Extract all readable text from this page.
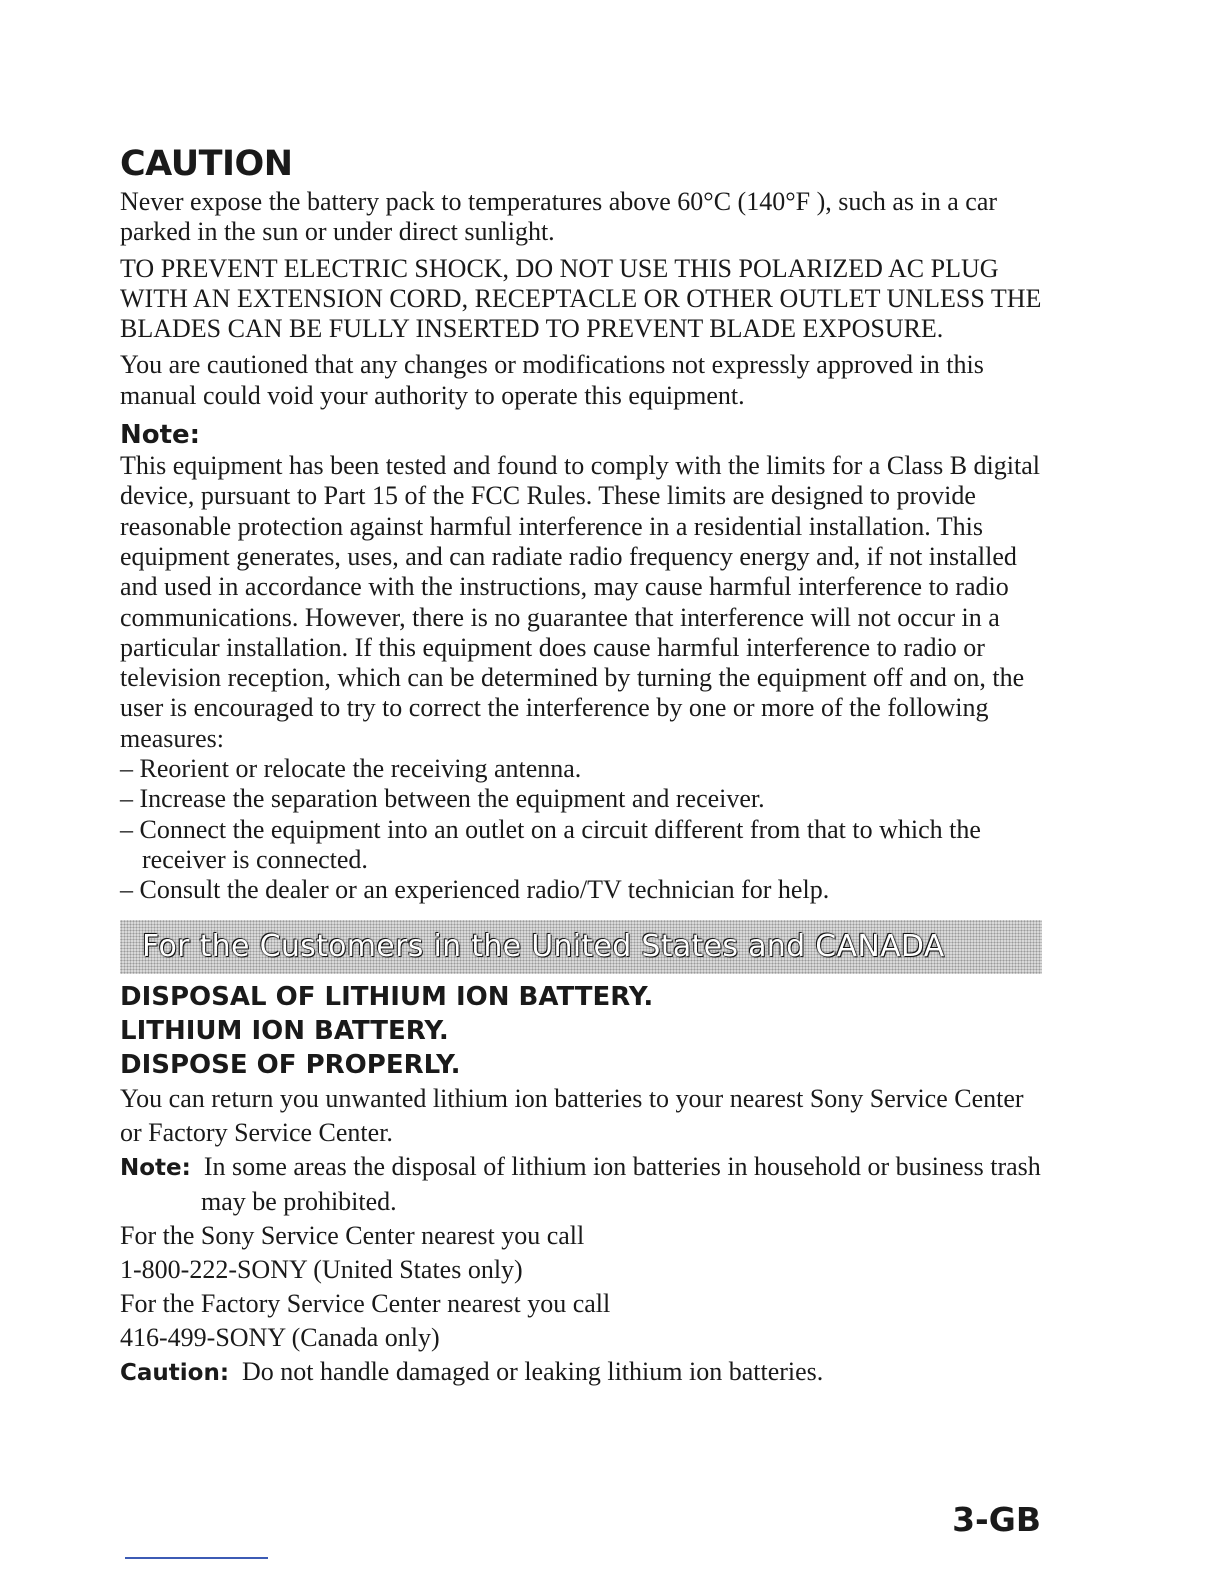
CAUTION

Never expose the battery pack to temperatures above 60°C (140°F ), such as in a car parked in the sun or under direct sunlight.

TO PREVENT ELECTRIC SHOCK, DO NOT USE THIS POLARIZED AC PLUG WITH AN EXTENSION CORD, RECEPTACLE OR OTHER OUTLET UNLESS THE BLADES CAN BE FULLY INSERTED TO PREVENT BLADE EXPOSURE.

You are cautioned that any changes or modifications not expressly approved in this manual could void your authority to operate this equipment.

Note:

This equipment has been tested and found to comply with the limits for a Class B digital device, pursuant to Part 15 of the FCC Rules. These limits are designed to provide reasonable protection against harmful interference in a residential installation. This equipment generates, uses, and can radiate radio frequency energy and, if not installed and used in accordance with the instructions, may cause harmful interference to radio communications. However, there is no guarantee that interference will not occur in a particular installation. If this equipment does cause harmful interference to radio or television reception, which can be determined by turning the equipment off and on, the user is encouraged to try to correct the interference by one or more of the following measures:

– Reorient or relocate the receiving antenna.
– Increase the separation between the equipment and receiver.
– Connect the equipment into an outlet on a circuit different from that to which the receiver is connected.
– Consult the dealer or an experienced radio/TV technician for help.
For the Customers in the United States and CANADA

DISPOSAL OF LITHIUM ION BATTERY.

LITHIUM ION BATTERY.

DISPOSE OF PROPERLY.

You can return you unwanted lithium ion batteries to your nearest Sony Service Center or Factory Service Center.

Note: In some areas the disposal of lithium ion batteries in household or business trash may be prohibited.

For the Sony Service Center nearest you call

1-800-222-SONY (United States only)

For the Factory Service Center nearest you call

416-499-SONY (Canada only)

Caution: Do not handle damaged or leaking lithium ion batteries.

3-GB
